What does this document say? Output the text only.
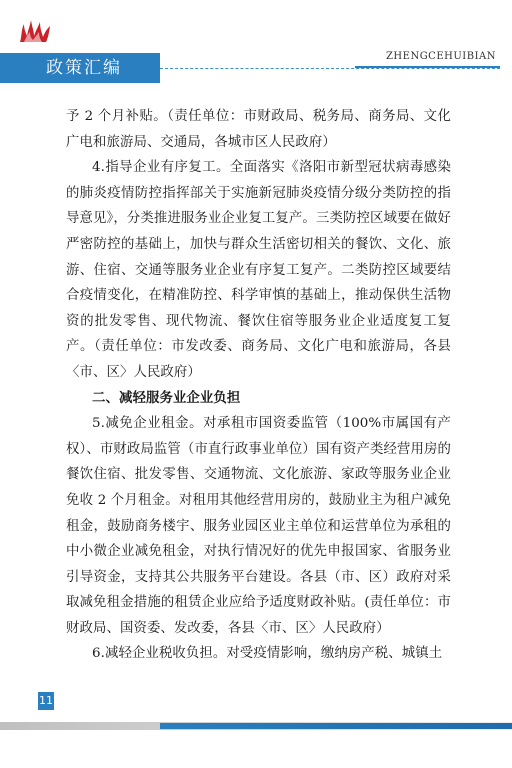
政策汇编
ZHENGCEHUIBIAN

予 2 个月补贴。（责任单位：市财政局、税务局、商务局、文化广电和旅游局、交通局，各城市区人民政府）

4.指导企业有序复工。全面落实《洛阳市新型冠状病毒感染的肺炎疫情防控指挥部关于实施新冠肺炎疫情分级分类防控的指导意见》，分类推进服务业企业复工复产。三类防控区域要在做好严密防控的基础上，加快与群众生活密切相关的餐饮、文化、旅游、住宿、交通等服务业企业有序复工复产。二类防控区域要结合疫情变化，在精准防控、科学审慎的基础上，推动保供生活物资的批发零售、现代物流、餐饮住宿等服务业企业适度复工复产。（责任单位：市发改委、商务局、文化广电和旅游局，各县〈市、区〉人民政府）

二、减轻服务业企业负担

5.减免企业租金。对承租市国资委监管（100%市属国有产权）、市财政局监管（市直行政事业单位）国有资产类经营用房的餐饮住宿、批发零售、交通物流、文化旅游、家政等服务业企业免收 2 个月租金。对租用其他经营用房的，鼓励业主为租户减免租金，鼓励商务楼宇、服务业园区业主单位和运营单位为承租的中小微企业减免租金，对执行情况好的优先申报国家、省服务业引导资金，支持其公共服务平台建设。各县（市、区）政府对采取减免租金措施的租赁企业应给予适度财政补贴。(责任单位：市财政局、国资委、发改委，各县〈市、区〉人民政府）

6.减轻企业税收负担。对受疫情影响，缴纳房产税、城镇土

11
